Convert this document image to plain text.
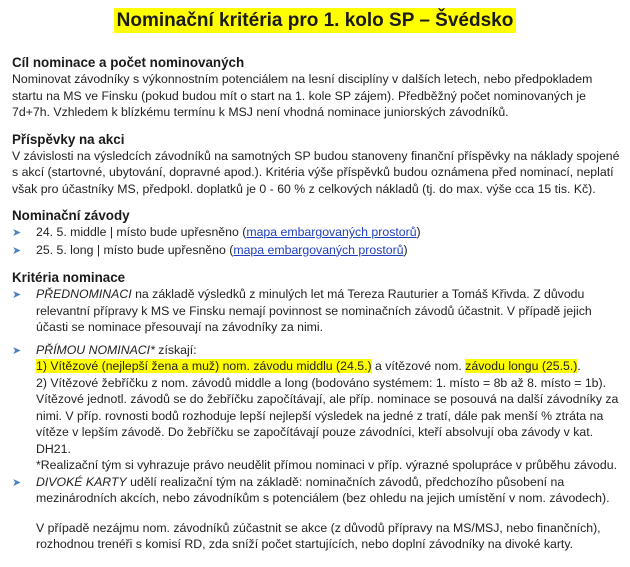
Nominační kritéria pro 1. kolo SP – Švédsko
Cíl nominace a počet nominovaných
Nominovat závodníky s výkonnostním potenciálem na lesní disciplíny v dalších letech, nebo předpokladem startu na MS ve Finsku (pokud budou mít o start na 1. kole SP zájem). Předběžný počet nominovaných je 7d+7h. Vzhledem k blízkému termínu k MSJ není vhodná nominace juniorských závodníků.
Příspěvky na akci
V závislosti na výsledcích závodníků na samotných SP budou stanoveny finanční příspěvky na náklady spojené s akcí (startovné, ubytování, dopravné apod.). Kritéria výše příspěvků budou oznámena před nominací, neplatí však pro účastníky MS, předpokl. doplatků je 0 - 60 % z celkových nákladů (tj. do max. výše cca 15 tis. Kč).
Nominační závody
➤	24. 5. middle | místo bude upřesněno (mapa embargovaných prostorů)
➤	25. 5. long | místo bude upřesněno (mapa embargovaných prostorů)
Kritéria nominace
➤	PŘEDNOMINACI na základě výsledků z minulých let má Tereza Rauturier a Tomáš Křivda. Z důvodu relevantní přípravy k MS ve Finsku nemají povinnost se nominačních závodů účastnit. V případě jejich účasti se nominace přesouvají na závodníky za nimi.
➤	PŘÍMOU NOMINACI* získají:
1) Vítězové (nejlepší žena a muž) nom. závodu middlu (24.5.) a vítězové nom. závodu longu (25.5.).
2) Vítězové žebříčku z nom. závodů middle a long (bodováno systémem: 1. místo = 8b až 8. místo = 1b). Vítězové jednotl. závodů se do žebříčku započítávají, ale příp. nominace se posouvá na další závodníky za nimi. V příp. rovnosti bodů rozhoduje lepší nejlepší výsledek na jedné z tratí, dále pak menší % ztráta na vítěze v lepším závodě. Do žebříčku se započítávají pouze závodníci, kteří absolvují oba závody v kat. DH21.
*Realizační tým si vyhrazuje právo neudělit přímou nominaci v příp. výrazné spolupráce v průběhu závodu.
➤	DIVOKÉ KARTY udělí realizační tým na základě: nominačních závodů, předchozího působení na mezinárodních akcích, nebo závodníkům s potenciálem (bez ohledu na jejich umístění v nom. závodech).
V případě nezájmu nom. závodníků zúčastnit se akce (z důvodů přípravy na MS/MSJ, nebo finančních), rozhodnou trenéři s komisí RD, zda sníží počet startujících, nebo doplní závodníky na divoké karty.
